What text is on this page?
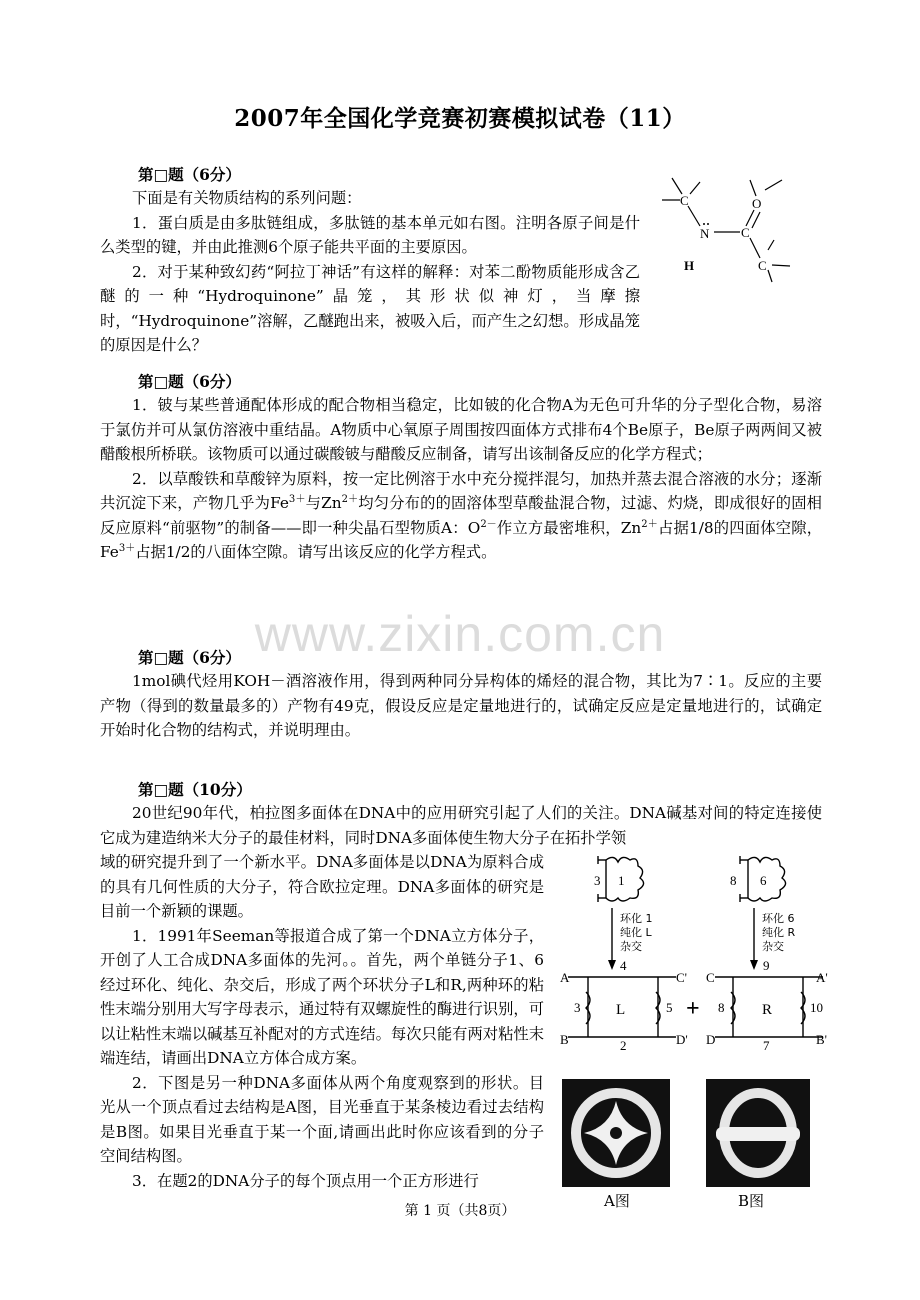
2007年全国化学竞赛初赛模拟试卷（11）
第□题（6分）

下面是有关物质结构的系列问题：

1．蛋白质是由多肽链组成，多肽链的基本单元如右图。注明各原子间是什么类型的键，并由此推测6个原子能共平面的主要原因。

2．对于某种致幻药“阿拉丁神话”有这样的解释：对苯二酚物质能形成含乙醚的一种“Hydroquinone”晶笼，其形状似神灯，当摩擦时，“Hydroquinone”溶解，乙醚跑出来，被吸入后，而产生之幻想。形成晶笼的原因是什么？

C	O
N C
C
H
第□题（6分）

1．铍与某些普通配体形成的配合物相当稳定，比如铍的化合物A为无色可升华的分子型化合物，易溶于氯仿并可从氯仿溶液中重结晶。A物质中心氧原子周围按四面体方式排布4个Be原子，Be原子两两间又被醋酸根所桥联。该物质可以通过碳酸铍与醋酸反应制备，请写出该制备反应的化学方程式；

2．以草酸铁和草酸锌为原料，按一定比例溶于水中充分搅拌混匀，加热并蒸去混合溶液的水分；逐渐共沉淀下来，产物几乎为$Fe^{3+}$与$Zn^{2+}$均匀分布的的固溶体型草酸盐混合物，过滤、灼烧，即成很好的固相反应原料“前驱物”的制备——即一种尖晶石型物质A：$O^{2-}$作立方最密堆积，$Zn^{2+}$占据1/8的四面体空隙，$Fe^{3+}$占据1/2的八面体空隙。请写出该反应的化学方程式。

www.zixin.com.cn
第□题（6分）

1mol碘代烃用KOH－酒溶液作用，得到两种同分异构体的烯烃的混合物，其比为7∶1。反应的主要产物（得到的数量最多的）产物有49克，假设反应是定量地进行的，试确定反应是定量地进行的，试确定开始时化合物的结构式，并说明理由。

第□题（10分）

20世纪90年代，柏拉图多面体在DNA中的应用研究引起了人们的关注。DNA碱基对间的特定连接使它成为建造纳米大分子的最佳材料，同时DNA多面体使生物大分子在拓扑学领

域的研究提升到了一个新水平。DNA多面体是以DNA为原料合成的具有几何性质的大分子，符合欧拉定理。DNA多面体的研究是目前一个新颖的课题。

1．1991年Seeman等报道合成了第一个DNA立方体分子，开创了人工合成DNA多面体的先河。。首先，两个单链分子1、6经过环化、纯化、杂交后，形成了两个环状分子L和R,两种环的粘性末端分别用大写字母表示，通过特有双螺旋性的酶进行识别，可以让粘性末端以碱基互补配对的方式连结。每次只能有两对粘性末端连结，请画出DNA立方体合成方案。

2．下图是另一种DNA多面体从两个角度观察到的形状。目光从一个顶点看过去结构是A图，目光垂直于某条棱边看过去结构是B图。如果目光垂直于某一个面,请画出此时你应该看到的分子空间结构图。

3．在题2的DNA分子的每个顶点用一个正方形进行

3 1	8 6
环化 1
纯化 L
杂交
环化 6
纯化 R
杂交
4
2
3	5
L
A
B
C'
D'
+
9
7
8	10
R
C
D
A'
B'
A图	B图
第 1 页（共8页）
